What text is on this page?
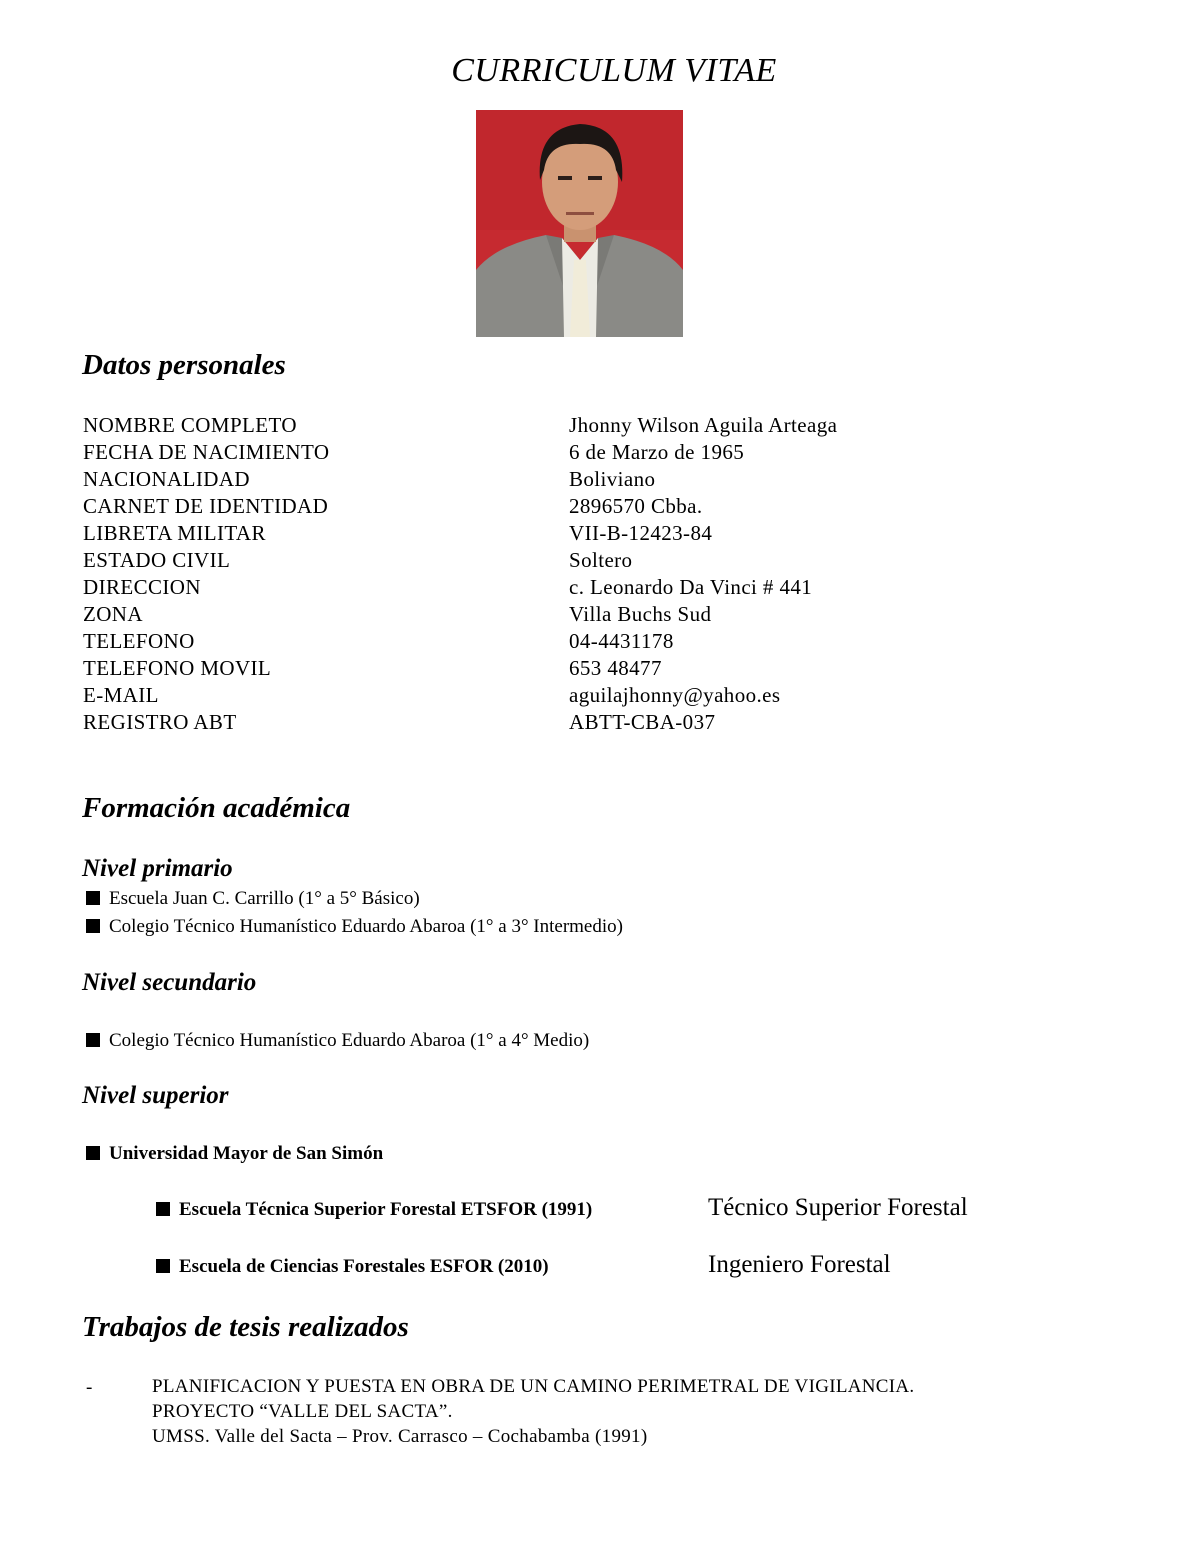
CURRICULUM VITAE
Datos personales
NOMBRE COMPLETO	Jhonny Wilson Aguila Arteaga
FECHA DE NACIMIENTO	6 de Marzo de 1965
NACIONALIDAD	Boliviano
CARNET DE IDENTIDAD	2896570 Cbba.
LIBRETA MILITAR	VII-B-12423-84
ESTADO CIVIL	Soltero
DIRECCION	c. Leonardo Da Vinci # 441
ZONA	Villa Buchs Sud
TELEFONO	04-4431178
TELEFONO MOVIL	653 48477
E-MAIL	aguilajhonny@yahoo.es
REGISTRO ABT	ABTT-CBA-037
Formación académica
Nivel primario
Escuela Juan C. Carrillo (1° a 5° Básico)
Colegio Técnico Humanístico Eduardo Abaroa (1° a 3° Intermedio)
Nivel secundario
Colegio Técnico Humanístico Eduardo Abaroa (1° a 4° Medio)
Nivel superior
Universidad Mayor de San Simón
Escuela Técnica Superior Forestal ETSFOR (1991)	Técnico Superior Forestal
Escuela de Ciencias Forestales ESFOR (2010)	Ingeniero Forestal
Trabajos de tesis realizados
-	PLANIFICACION Y PUESTA EN OBRA DE UN CAMINO PERIMETRAL DE VIGILANCIA.
PROYECTO “VALLE DEL SACTA”.
UMSS. Valle del Sacta – Prov. Carrasco – Cochabamba (1991)
